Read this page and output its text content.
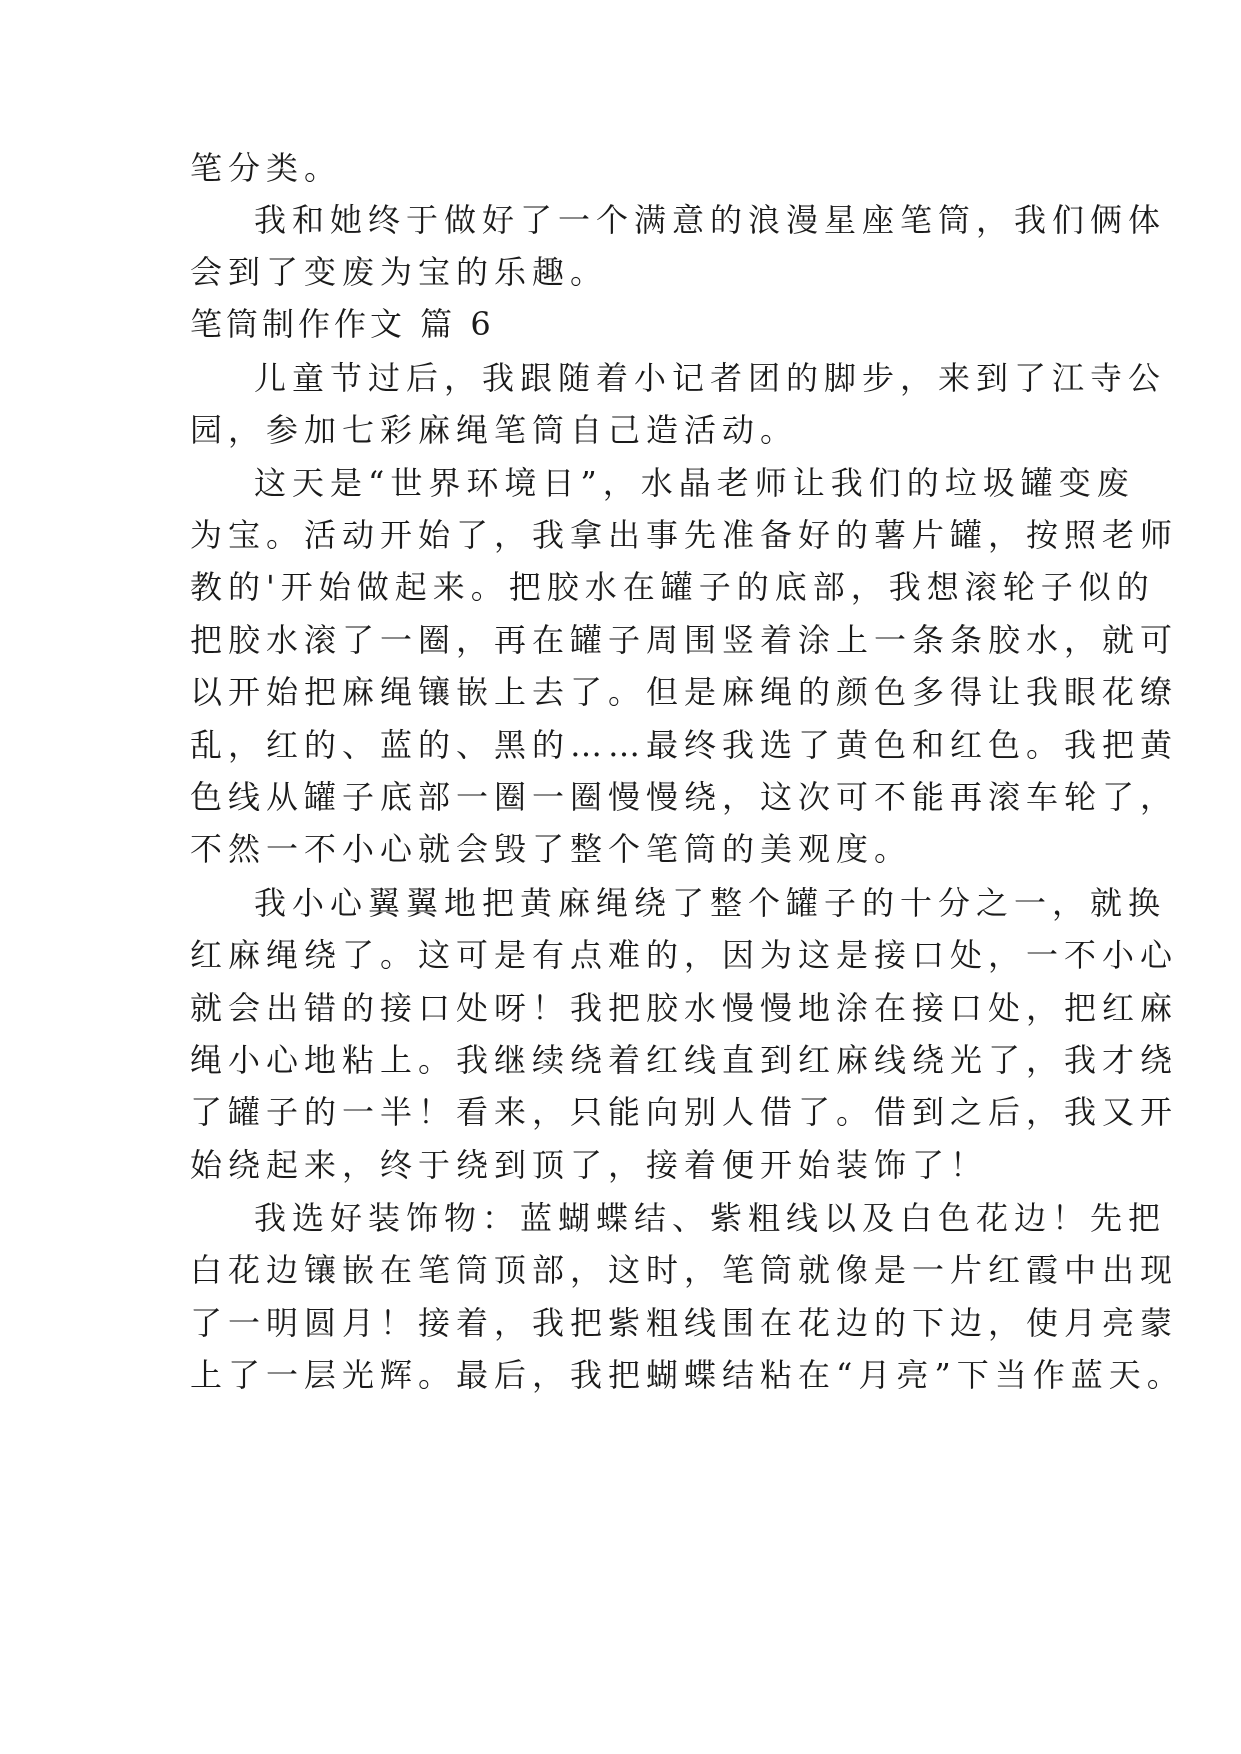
笔分类。
我和她终于做好了一个满意的浪漫星座笔筒，我们俩体
会到了变废为宝的乐趣。
笔筒制作作文 篇 6
儿童节过后，我跟随着小记者团的脚步，来到了江寺公
园，参加七彩麻绳笔筒自己造活动。
这天是“世界环境日”，水晶老师让我们的垃圾罐变废
为宝。活动开始了，我拿出事先准备好的薯片罐，按照老师
教的'开始做起来。把胶水在罐子的底部，我想滚轮子似的
把胶水滚了一圈，再在罐子周围竖着涂上一条条胶水，就可
以开始把麻绳镶嵌上去了。但是麻绳的颜色多得让我眼花缭
乱，红的、蓝的、黑的……最终我选了黄色和红色。我把黄
色线从罐子底部一圈一圈慢慢绕，这次可不能再滚车轮了，
不然一不小心就会毁了整个笔筒的美观度。
我小心翼翼地把黄麻绳绕了整个罐子的十分之一，就换
红麻绳绕了。这可是有点难的，因为这是接口处，一不小心
就会出错的接口处呀！我把胶水慢慢地涂在接口处，把红麻
绳小心地粘上。我继续绕着红线直到红麻线绕光了，我才绕
了罐子的一半！看来，只能向别人借了。借到之后，我又开
始绕起来，终于绕到顶了，接着便开始装饰了！
我选好装饰物：蓝蝴蝶结、紫粗线以及白色花边！先把
白花边镶嵌在笔筒顶部，这时，笔筒就像是一片红霞中出现
了一明圆月！接着，我把紫粗线围在花边的下边，使月亮蒙
上了一层光辉。最后，我把蝴蝶结粘在“月亮”下当作蓝天。
